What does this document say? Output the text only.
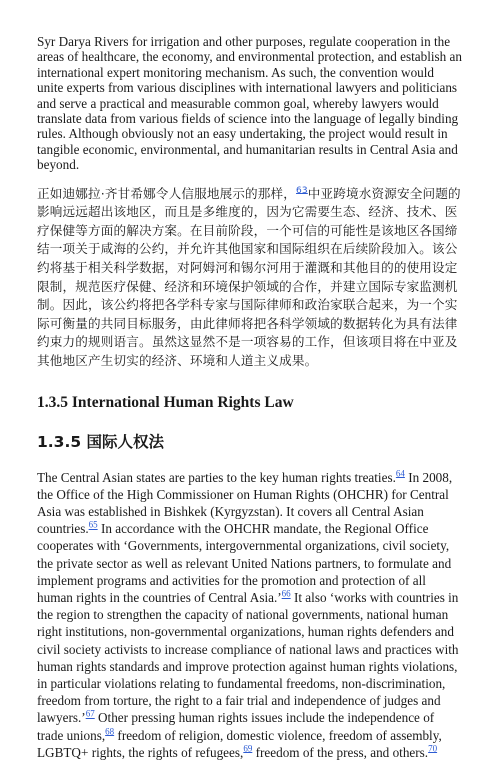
Syr Darya Rivers for irrigation and other purposes, regulate cooperation in the areas of healthcare, the economy, and environmental protection, and establish an international expert monitoring mechanism. As such, the convention would unite experts from various disciplines with international lawyers and politicians and serve a practical and measurable common goal, whereby lawyers would translate data from various fields of science into the language of legally binding rules. Although obviously not an easy undertaking, the project would result in tangible economic, environmental, and humanitarian results in Central Asia and beyond.

正如迪娜拉·齐甘希娜令人信服地展示的那样，$^{63}$中亚跨境水资源安全问题的影响远远超出该地区，而且是多维度的，因为它需要生态、经济、技术、医疗保健等方面的解决方案。在目前阶段，一个可信的可能性是该地区各国缔结一项关于咸海的公约，并允许其他国家和国际组织在后续阶段加入。该公约将基于相关科学数据，对阿姆河和锡尔河用于灌溉和其他目的的使用设定限制，规范医疗保健、经济和环境保护领域的合作，并建立国际专家监测机制。因此，该公约将把各学科专家与国际律师和政治家联合起来，为一个实际可衡量的共同目标服务，由此律师将把各科学领域的数据转化为具有法律约束力的规则语言。虽然这显然不是一项容易的工作，但该项目将在中亚及其他地区产生切实的经济、环境和人道主义成果。

1.3.5 International Human Rights Law
1.3.5 国际人权法

The Central Asian states are parties to the key human rights treaties.$^{64}$ In 2008, the Office of the High Commissioner on Human Rights (OHCHR) for Central Asia was established in Bishkek (Kyrgyzstan). It covers all Central Asian countries.$^{65}$ In accordance with the OHCHR mandate, the Regional Office cooperates with ‘Governments, intergovernmental organizations, civil society, the private sector as well as relevant United Nations partners, to formulate and implement programs and activities for the promotion and protection of all human rights in the countries of Central Asia.’$^{66}$ It also ‘works with countries in the region to strengthen the capacity of national governments, national human right institutions, non-governmental organizations, human rights defenders and civil society activists to increase compliance of national laws and practices with human rights standards and improve protection against human rights violations, in particular violations relating to fundamental freedoms, non-discrimination, freedom from torture, the right to a fair trial and independence of judges and lawyers.’$^{67}$ Other pressing human rights issues include the independence of trade unions,$^{68}$ freedom of religion, domestic violence, freedom of assembly, LGBTQ+ rights, the rights of refugees,$^{69}$ freedom of the press, and others.$^{70}$
